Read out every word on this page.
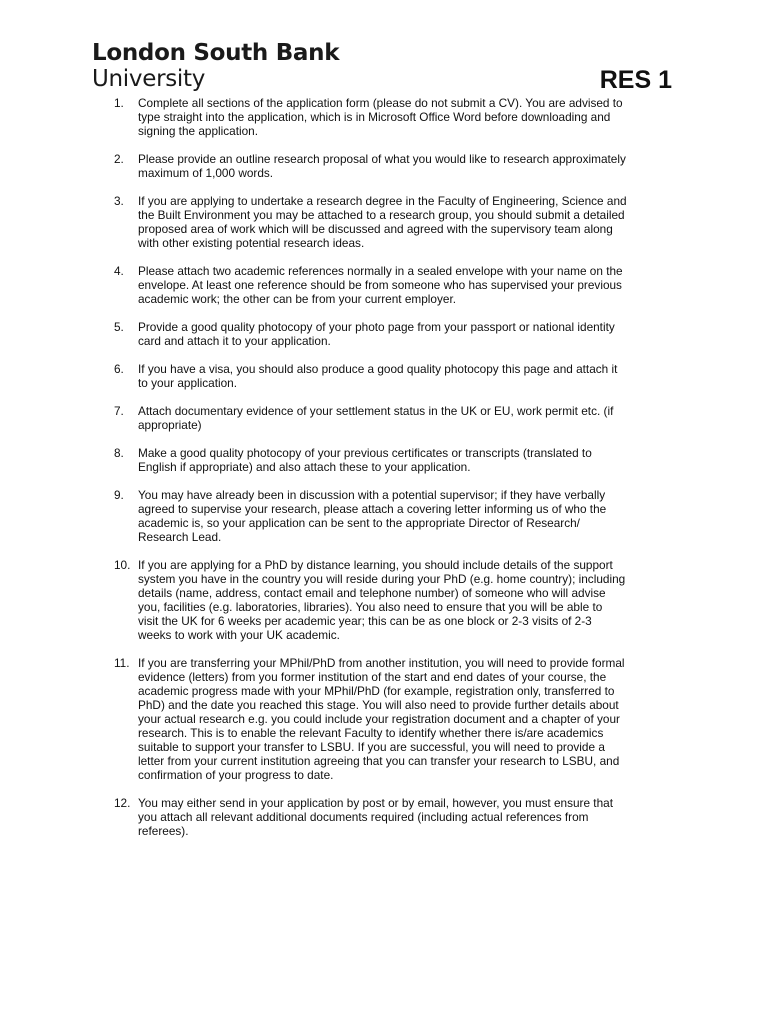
London South Bank
University	RES 1
1.	Complete all sections of the application form (please do not submit a CV). You are advised to
type straight into the application, which is in Microsoft Office Word before downloading and
signing the application.
2.	Please provide an outline research proposal of what you would like to research approximately
maximum of 1,000 words.
3.	If you are applying to undertake a research degree in the Faculty of Engineering, Science and
the Built Environment you may be attached to a research group, you should submit a detailed
proposed area of work which will be discussed and agreed with the supervisory team along
with other existing potential research ideas.
4.	Please attach two academic references normally in a sealed envelope with your name on the
envelope. At least one reference should be from someone who has supervised your previous
academic work; the other can be from your current employer.
5.	Provide a good quality photocopy of your photo page from your passport or national identity
card and attach it to your application.
6.	If you have a visa, you should also produce a good quality photocopy this page and attach it
to your application.
7.	Attach documentary evidence of your settlement status in the UK or EU, work permit etc. (if
appropriate)
8.	Make a good quality photocopy of your previous certificates or transcripts (translated to
English if appropriate) and also attach these to your application.
9.	You may have already been in discussion with a potential supervisor; if they have verbally
agreed to supervise your research, please attach a covering letter informing us of who the
academic is, so your application can be sent to the appropriate Director of Research/
Research Lead.
10. If you are applying for a PhD by distance learning, you should include details of the support
system you have in the country you will reside during your PhD (e.g. home country); including
details (name, address, contact email and telephone number) of someone who will advise
you, facilities (e.g. laboratories, libraries). You also need to ensure that you will be able to
visit the UK for 6 weeks per academic year; this can be as one block or 2-3 visits of 2-3
weeks to work with your UK academic.
11. If you are transferring your MPhil/PhD from another institution, you will need to provide formal
evidence (letters) from you former institution of the start and end dates of your course, the
academic progress made with your MPhil/PhD (for example, registration only, transferred to
PhD) and the date you reached this stage. You will also need to provide further details about
your actual research e.g. you could include your registration document and a chapter of your
research. This is to enable the relevant Faculty to identify whether there is/are academics
suitable to support your transfer to LSBU. If you are successful, you will need to provide a
letter from your current institution agreeing that you can transfer your research to LSBU, and
confirmation of your progress to date.
12. You may either send in your application by post or by email, however, you must ensure that
you attach all relevant additional documents required (including actual references from
referees).
